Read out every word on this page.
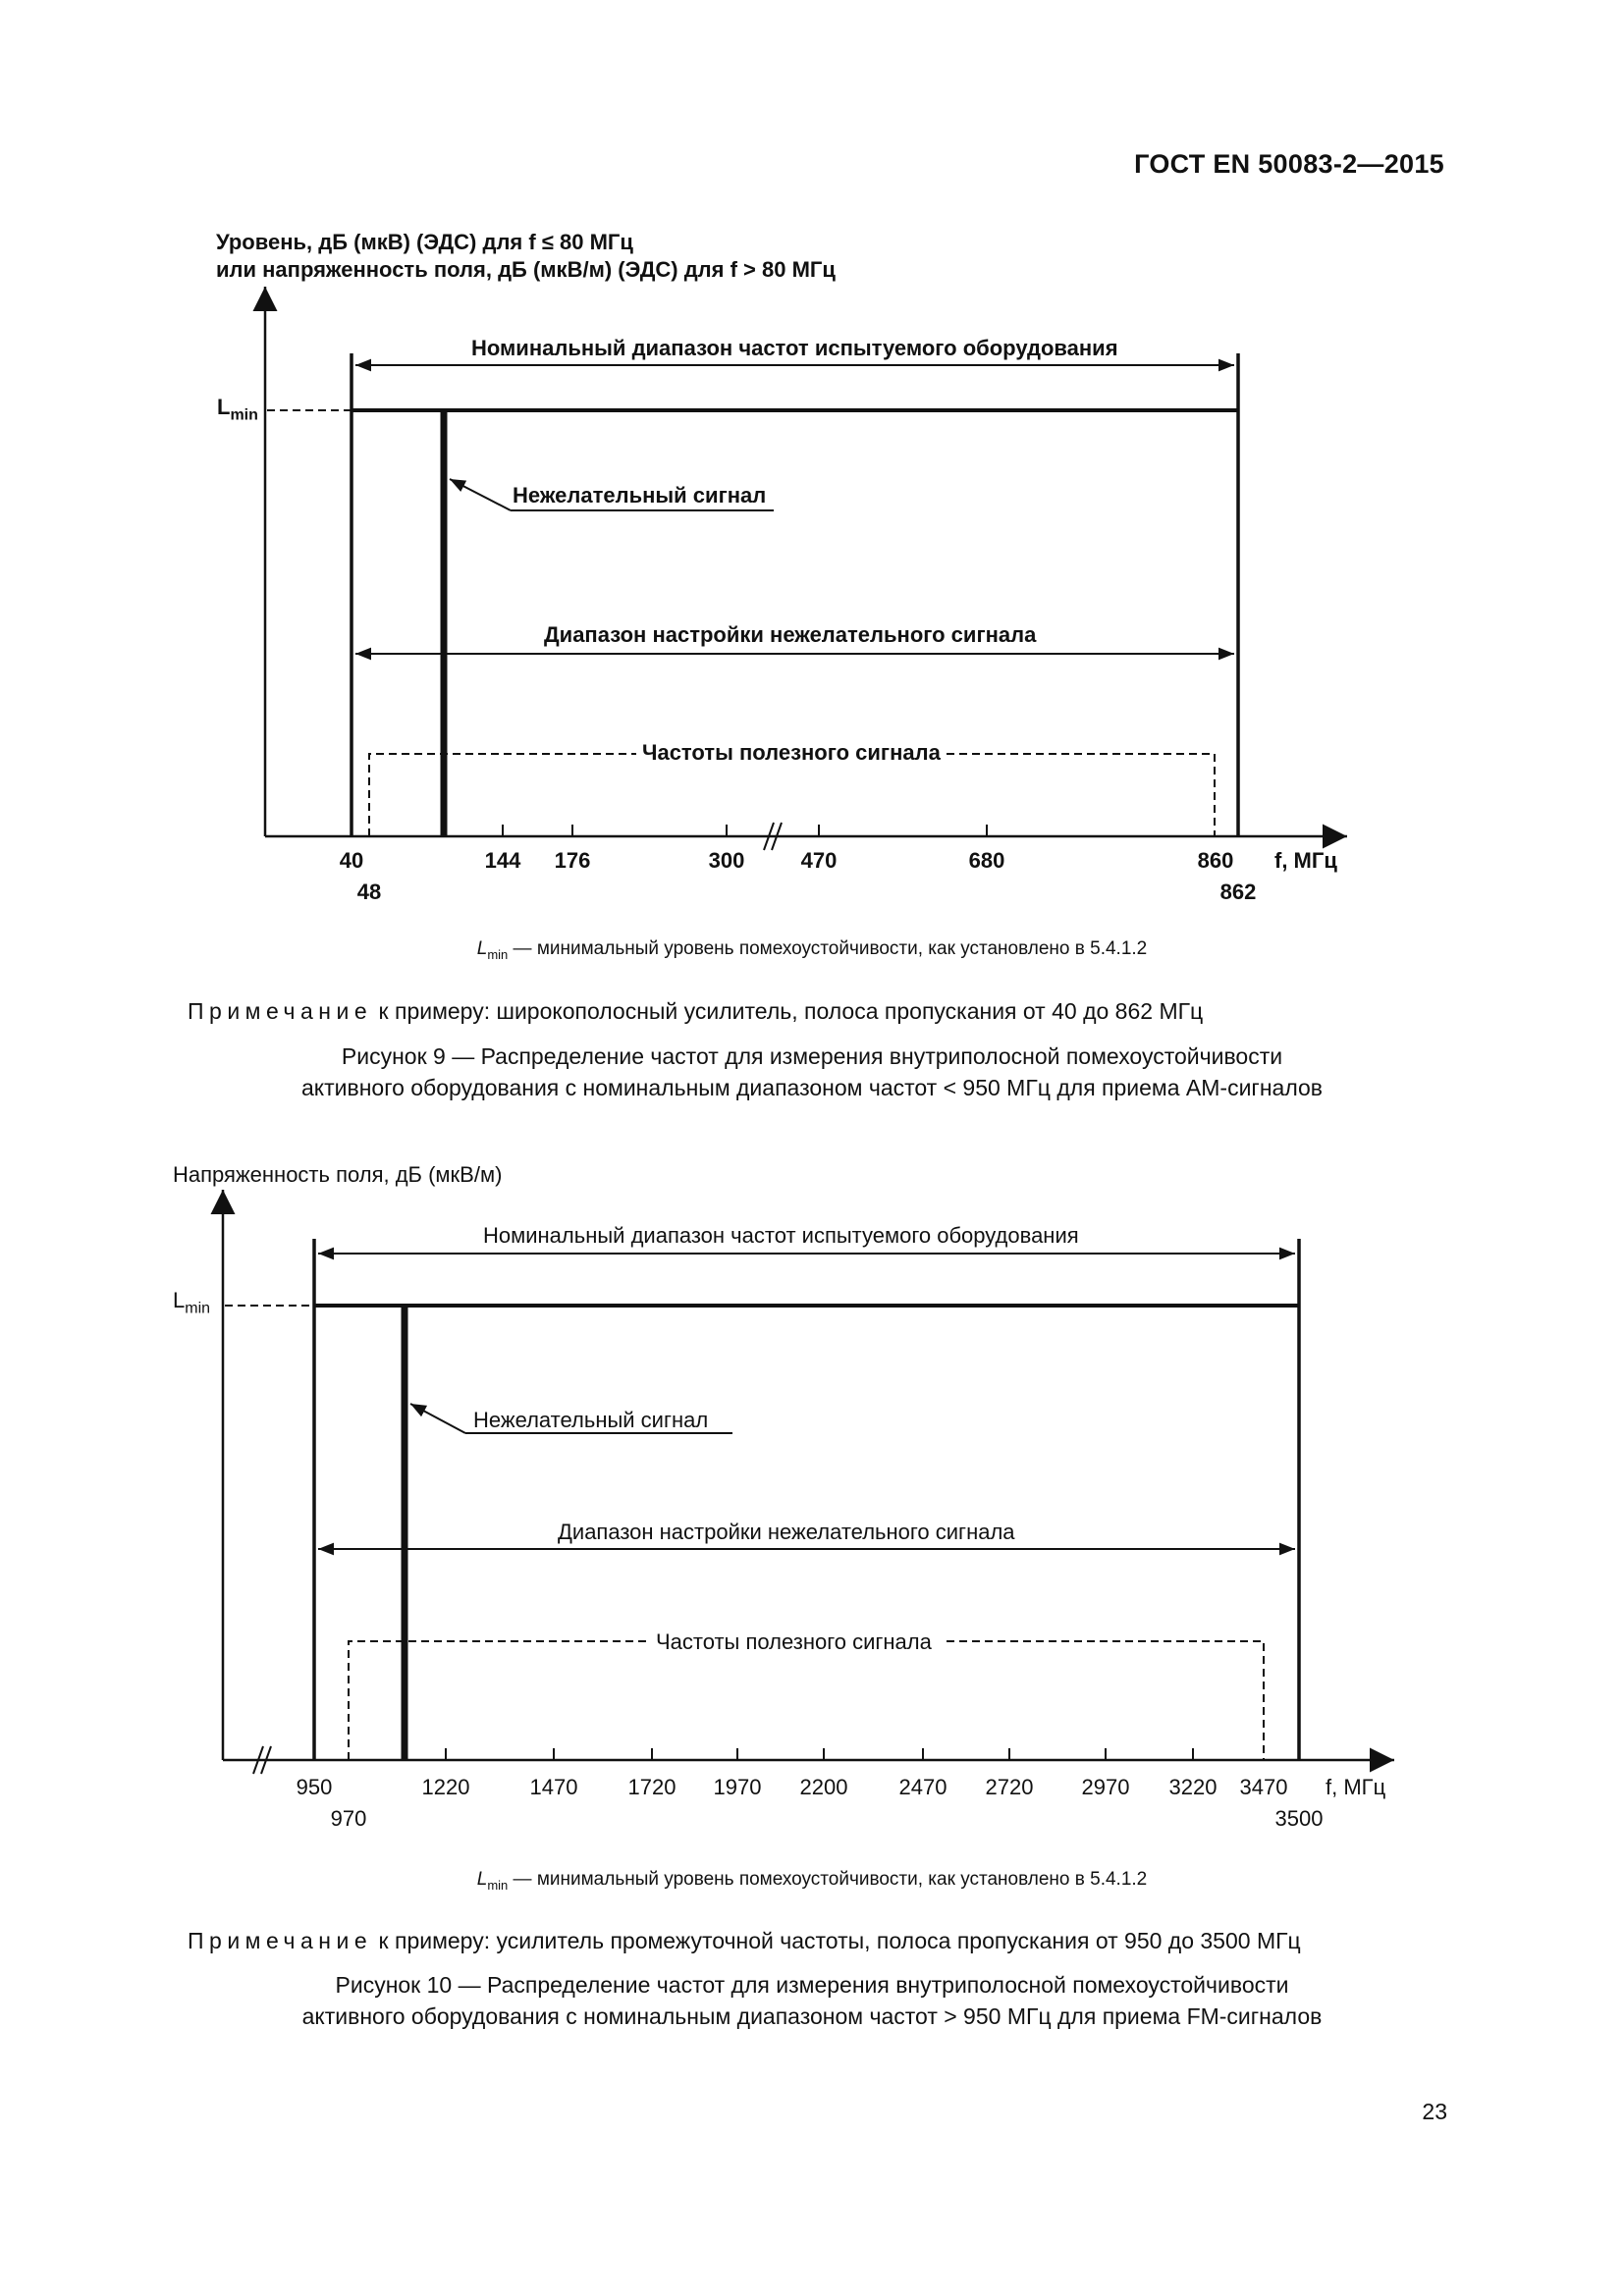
ГОСТ EN 50083-2—2015
Уровень, дБ (мкВ) (ЭДС) для f ≤ 80 МГц
или напряженность поля, дБ (мкВ/м) (ЭДС) для f > 80 МГц
$L_{min}$
Номинальный диапазон частот испытуемого оборудования
Нежелательный сигнал
Диапазон настройки нежелательного сигнала
Частоты полезного сигнала
40	144 176	300	470	680	860
48	862
f, МГц
$L_{min}$ — минимальный уровень помехоустойчивости, как установлено в 5.4.1.2
Примечание к примеру: широкополосный усилитель, полоса пропускания от 40 до 862 МГц
Рисунок 9 — Распределение частот для измерения внутриполосной помехоустойчивости
активного оборудования с номинальным диапазоном частот < 950 МГц для приема АМ-сигналов
Напряженность поля, дБ (мкВ/м)
$L_{min}$
Номинальный диапазон частот испытуемого оборудования
Нежелательный сигнал
Диапазон настройки нежелательного сигнала
Частоты полезного сигнала
950	1220	1470 1720 1970 2200 2470 2720 2970 3220 3470
970	3500
f, МГц
$L_{min}$ — минимальный уровень помехоустойчивости, как установлено в 5.4.1.2
Примечание к примеру: усилитель промежуточной частоты, полоса пропускания от 950 до 3500 МГц
Рисунок 10 — Распределение частот для измерения внутриполосной помехоустойчивости
активного оборудования с номинальным диапазоном частот > 950 МГц для приема FM-сигналов
23
